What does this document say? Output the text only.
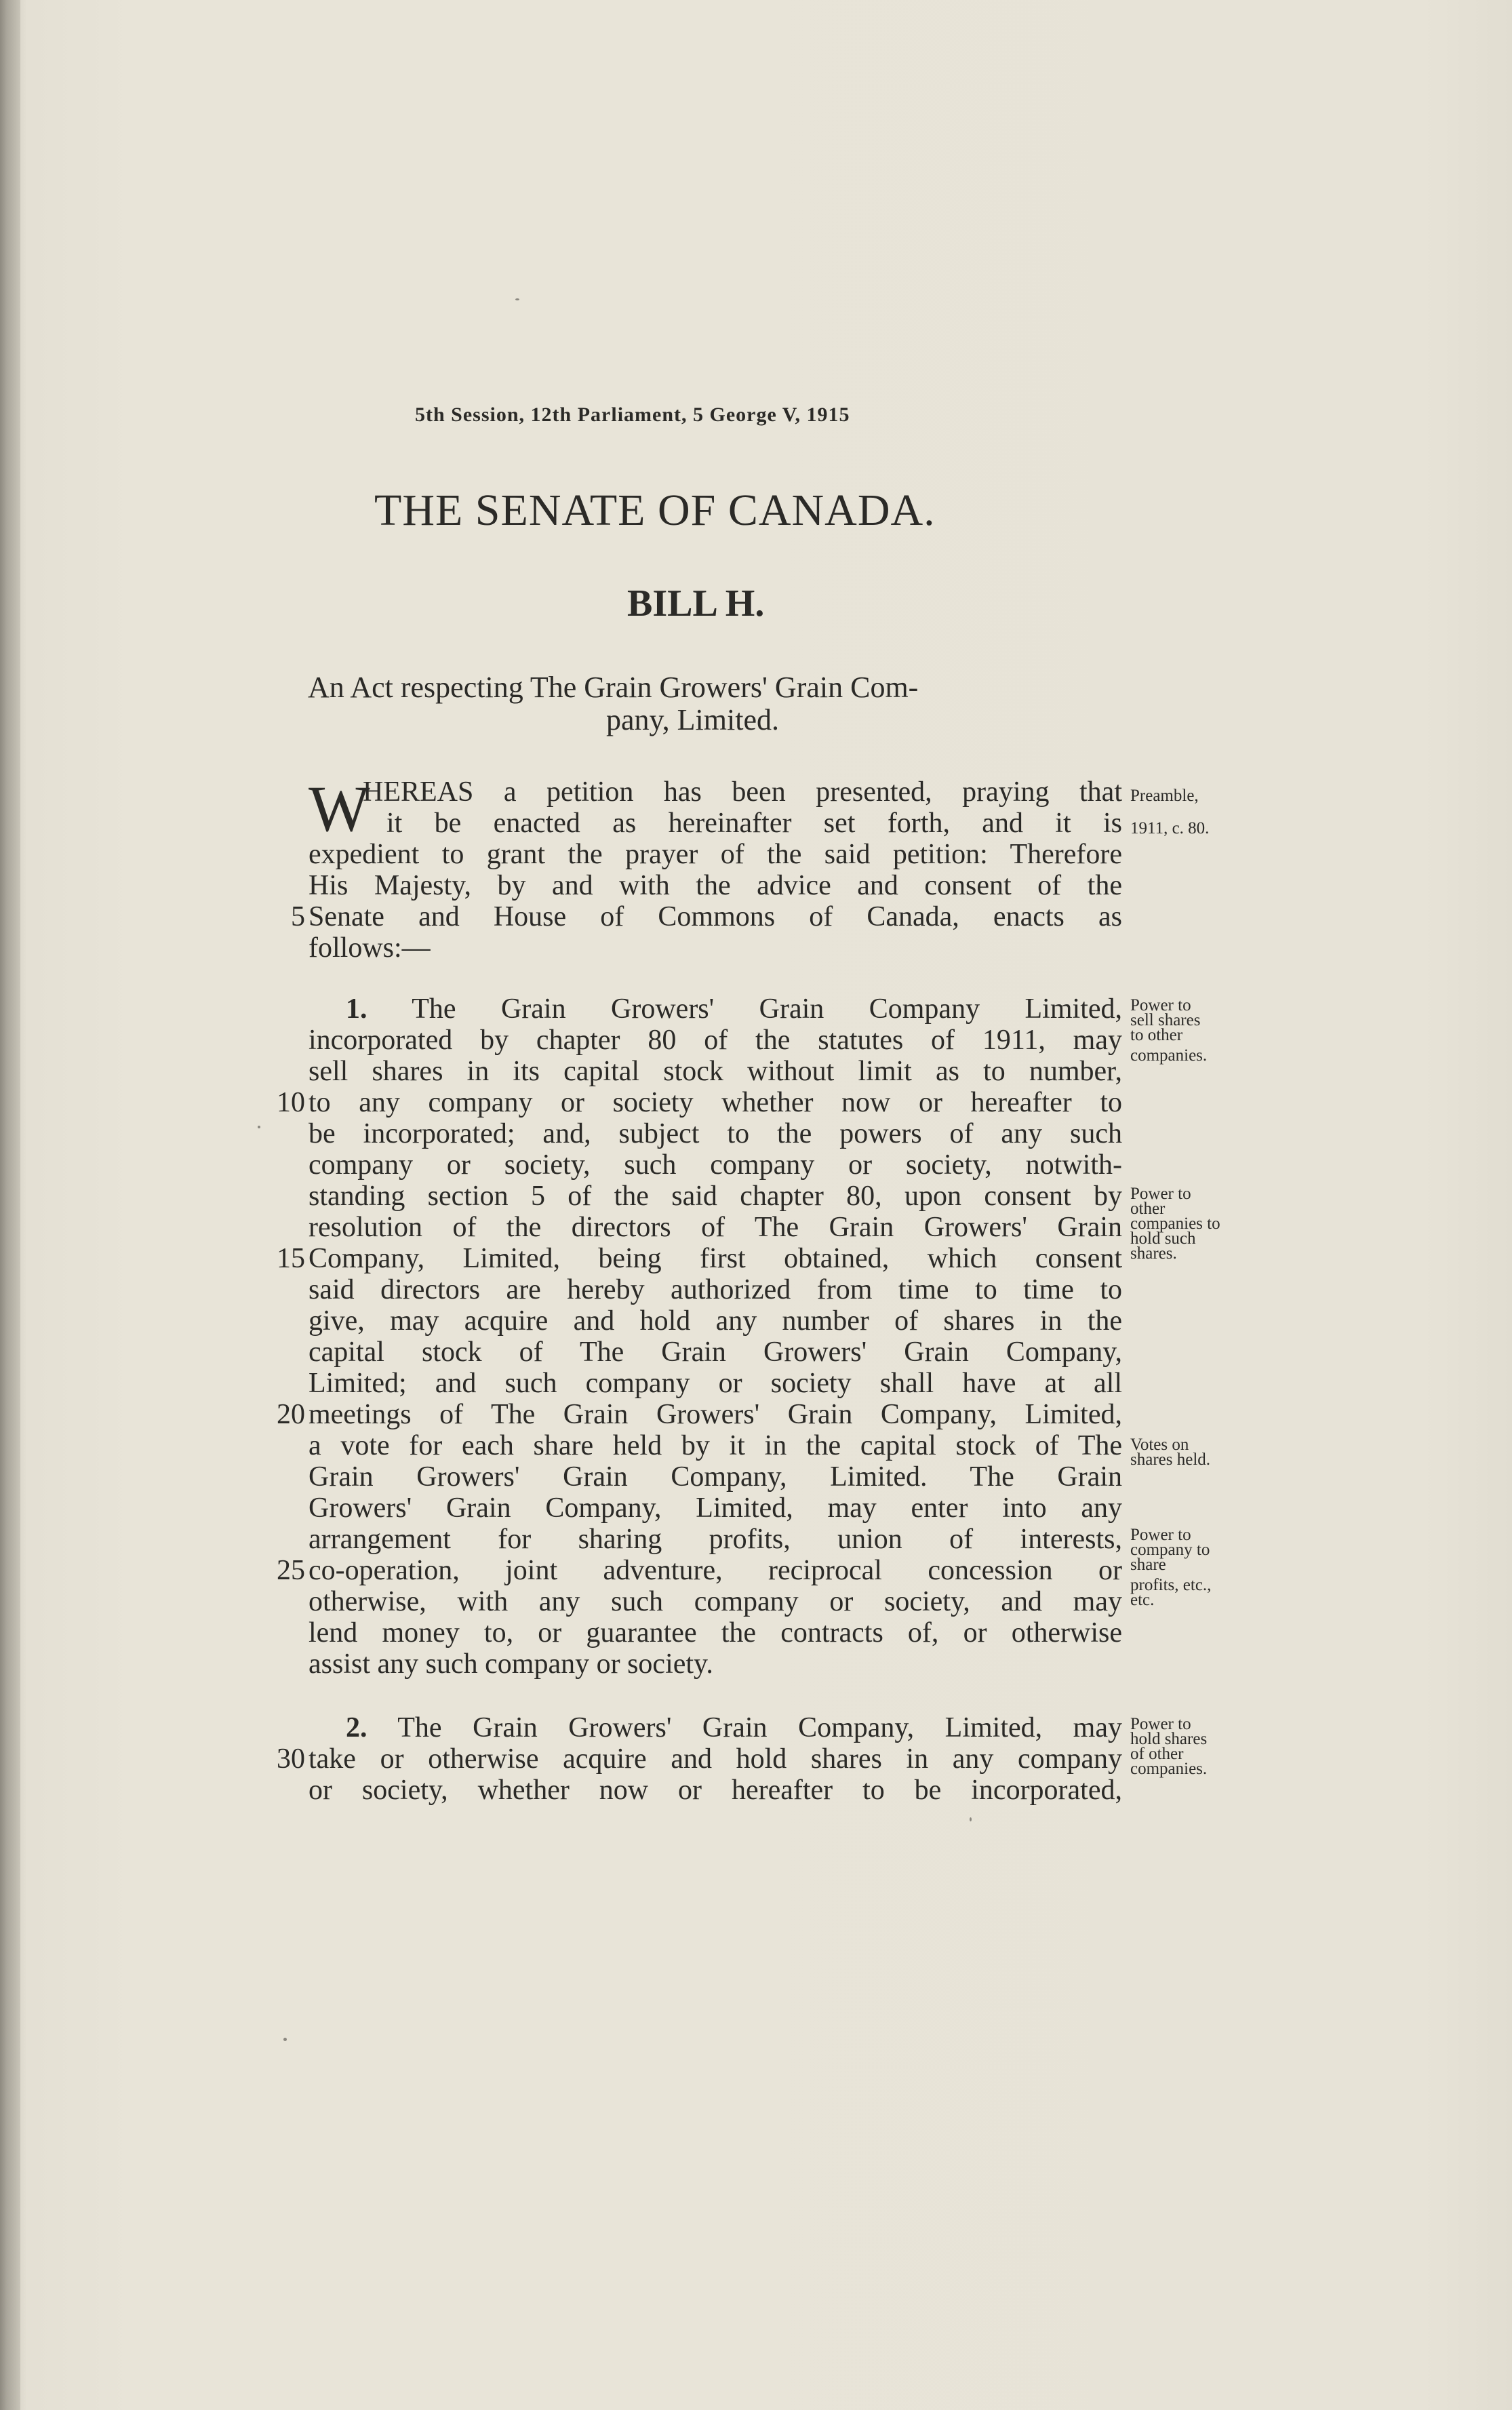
5th Session, 12th Parliament, 5 George V, 1915
THE SENATE OF CANADA.
BILL H.
An Act respecting The Grain Growers' Grain Com-
pany, Limited.
W
HEREAS a petition has been presented, praying that
it be enacted as hereinafter set forth, and it is
expedient to grant the prayer of the said petition: Therefore
His Majesty, by and with the advice and consent of the
Senate and House of Commons of Canada, enacts as
follows:—
5
1. The Grain Growers' Grain Company Limited,
incorporated by chapter 80 of the statutes of 1911, may
sell shares in its capital stock without limit as to number,
to any company or society whether now or hereafter to
be incorporated; and, subject to the powers of any such
company or society, such company or society, notwith-
standing section 5 of the said chapter 80, upon consent by
resolution of the directors of The Grain Growers' Grain
Company, Limited, being first obtained, which consent
said directors are hereby authorized from time to time to
give, may acquire and hold any number of shares in the
capital stock of The Grain Growers' Grain Company,
Limited; and such company or society shall have at all
meetings of The Grain Growers' Grain Company, Limited,
a vote for each share held by it in the capital stock of The
Grain Growers' Grain Company, Limited. The Grain
Growers' Grain Company, Limited, may enter into any
arrangement for sharing profits, union of interests,
co-operation, joint adventure, reciprocal concession or
otherwise, with any such company or society, and may
lend money to, or guarantee the contracts of, or otherwise
assist any such company or society.
10
15
20
25
2. The Grain Growers' Grain Company, Limited, may
take or otherwise acquire and hold shares in any company
or society, whether now or hereafter to be incorporated,
30
Preamble,
1911, c. 80.
Power to
sell shares
to other
companies.
Power to
other
companies to
hold such
shares.
Votes on
shares held.
Power to
company to
share
profits, etc.,
etc.
Power to
hold shares
of other
companies.
